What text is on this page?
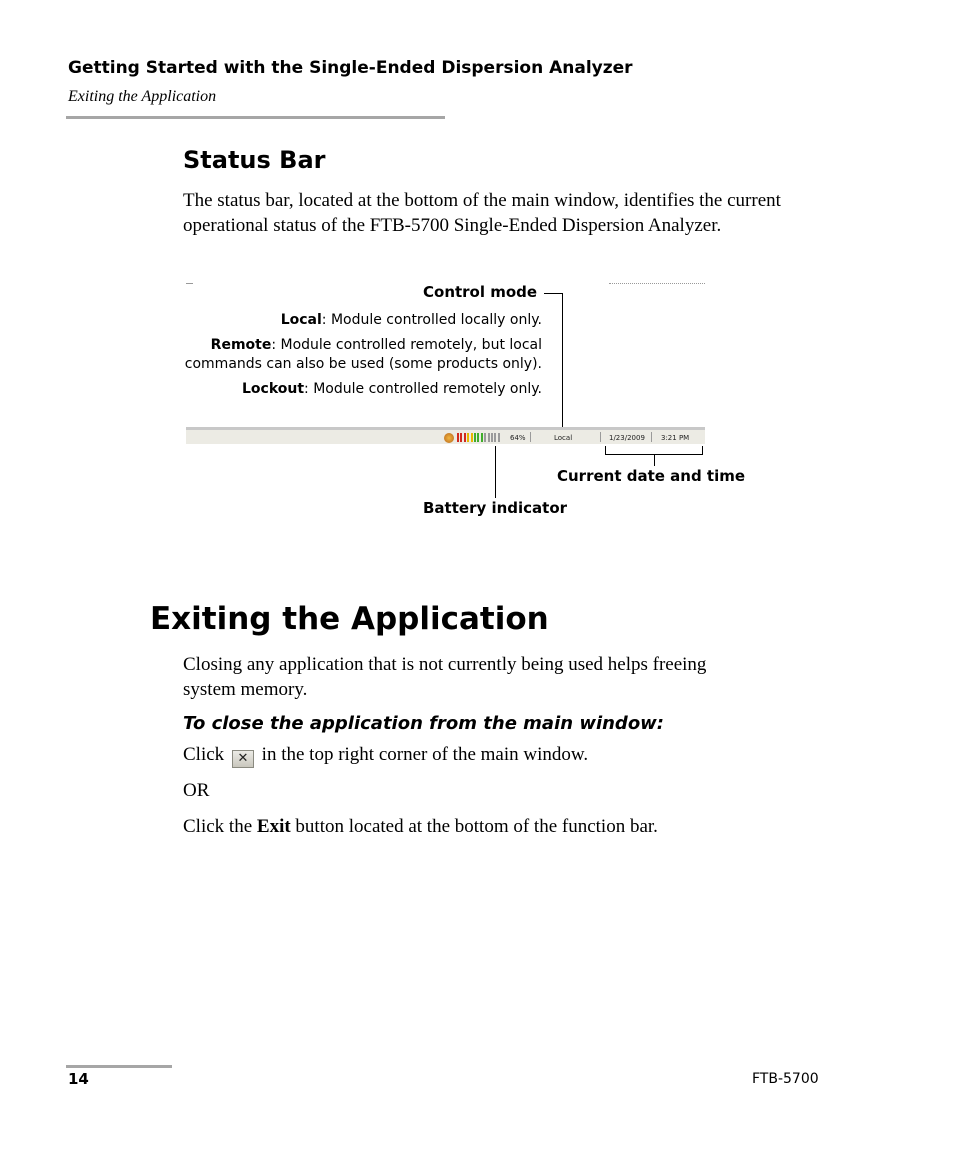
Getting Started with the Single-Ended Dispersion Analyzer
Exiting the Application
Status Bar
The status bar, located at the bottom of the main window, identifies the current operational status of the FTB-5700 Single-Ended Dispersion Analyzer.
Control mode
Local: Module controlled locally only.
Remote: Module controlled remotely, but local
commands can also be used (some products only).
Lockout: Module controlled remotely only.
64%	Local	1/23/2009 3:21 PM
Battery indicator
Current date and time
Exiting the Application
Closing any application that is not currently being used helps freeing
system memory.
To close the application from the main window:
Click ✕ in the top right corner of the main window.
OR
Click the Exit button located at the bottom of the function bar.
14	FTB-5700
